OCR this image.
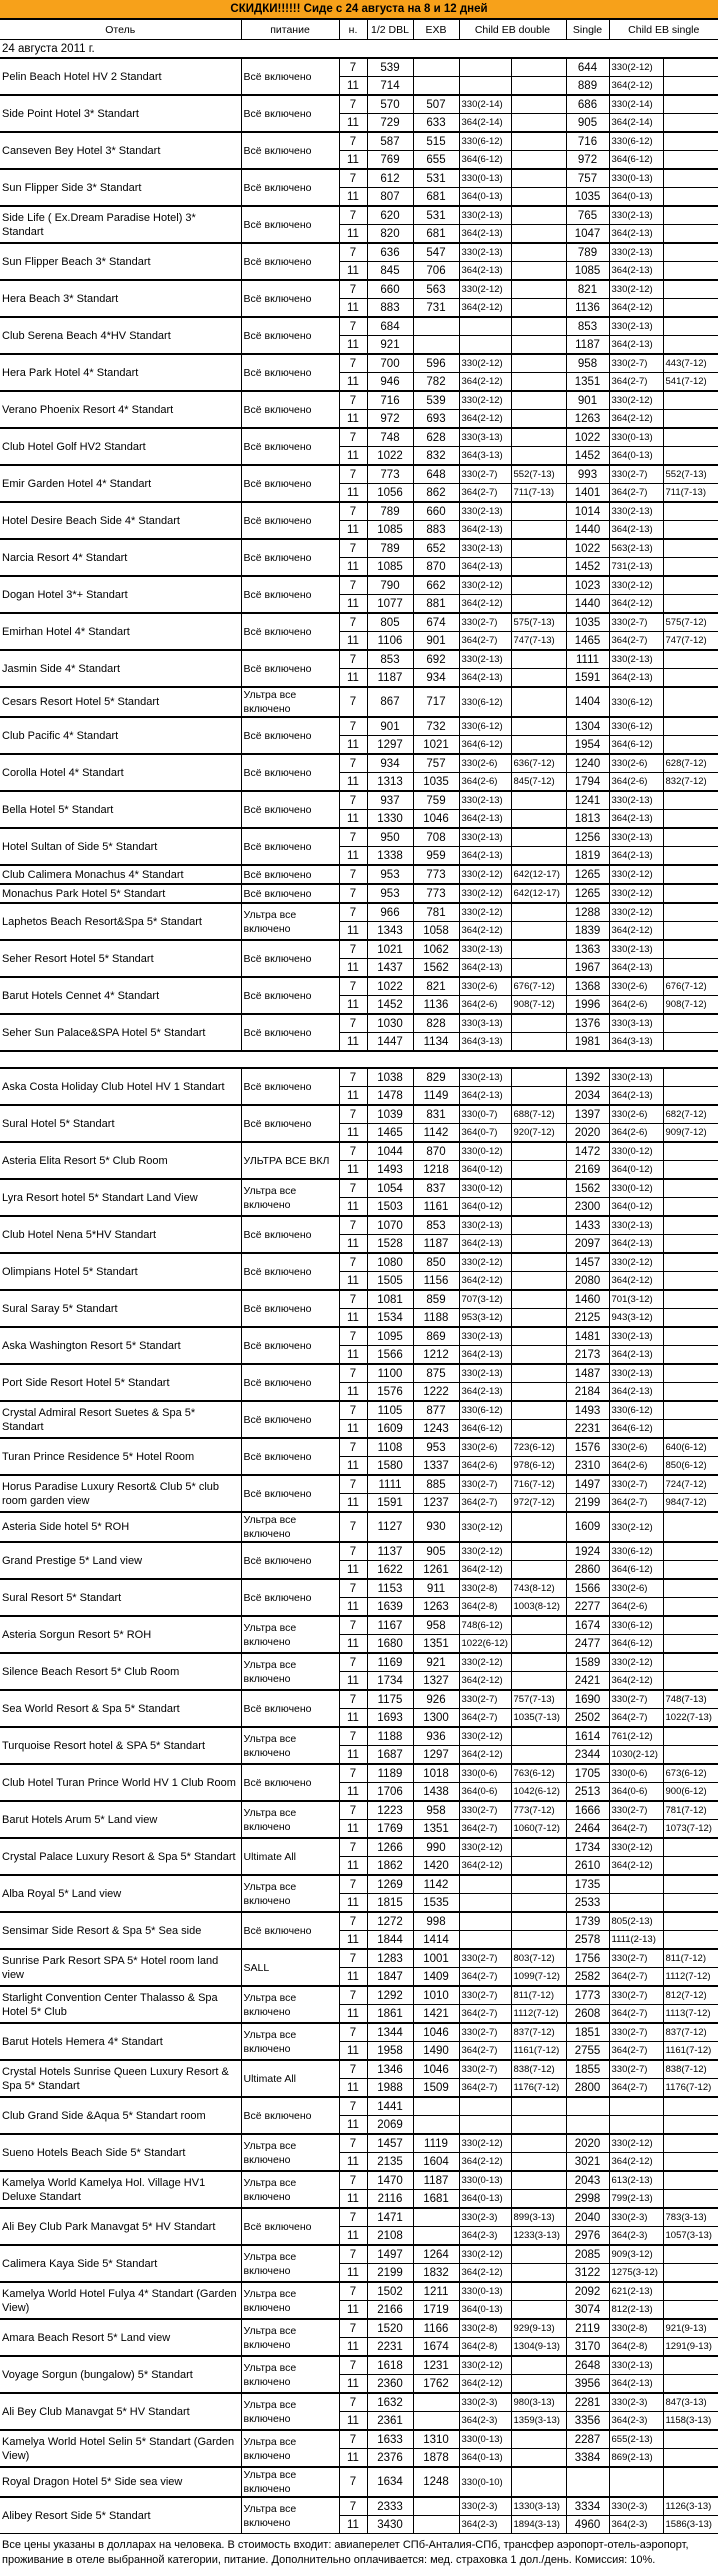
СКИДКИ!!!!!! Сиде с 24 августа на 8 и 12 дней
Отель	питание	н.	1/2 DBL	EXB	Child EB double		Single	Child EB single	
24 августа 2011 г.									
Pelin Beach Hotel HV 2 Standart	Всё включено	7	539				644	330(2-12)	
		11	714				889	364(2-12)	
Side Point Hotel 3* Standart	Всё включено	7	570	507	330(2-14)		686	330(2-14)	
		11	729	633	364(2-14)		905	364(2-14)	
Canseven Bey Hotel 3* Standart	Всё включено	7	587	515	330(6-12)		716	330(6-12)	
		11	769	655	364(6-12)		972	364(6-12)	
Sun Flipper Side 3* Standart	Всё включено	7	612	531	330(0-13)		757	330(0-13)	
		11	807	681	364(0-13)		1035	364(0-13)	
Side Life ( Ex.Dream Paradise Hotel) 3* Standart	Всё включено	7	620	531	330(2-13)		765	330(2-13)	
		11	820	681	364(2-13)		1047	364(2-13)	
Sun Flipper Beach 3* Standart	Всё включено	7	636	547	330(2-13)		789	330(2-13)	
		11	845	706	364(2-13)		1085	364(2-13)	
Hera Beach 3* Standart	Всё включено	7	660	563	330(2-12)		821	330(2-12)	
		11	883	731	364(2-12)		1136	364(2-12)	
Club Serena Beach 4*HV Standart	Всё включено	7	684				853	330(2-13)	
		11	921				1187	364(2-13)	
Hera Park Hotel 4* Standart	Всё включено	7	700	596	330(2-12)		958	330(2-7)	443(7-12)
		11	946	782	364(2-12)		1351	364(2-7)	541(7-12)
Verano Phoenix Resort 4* Standart	Всё включено	7	716	539	330(2-12)		901	330(2-12)	
		11	972	693	364(2-12)		1263	364(2-12)	
Club Hotel Golf HV2 Standart	Всё включено	7	748	628	330(3-13)		1022	330(0-13)	
		11	1022	832	364(3-13)		1452	364(0-13)	
Emir Garden Hotel 4* Standart	Всё включено	7	773	648	330(2-7)	552(7-13)	993	330(2-7)	552(7-13)
		11	1056	862	364(2-7)	711(7-13)	1401	364(2-7)	711(7-13)
Hotel Desire Beach Side 4* Standart	Всё включено	7	789	660	330(2-13)		1014	330(2-13)	
		11	1085	883	364(2-13)		1440	364(2-13)	
Narcia Resort 4* Standart	Всё включено	7	789	652	330(2-13)		1022	563(2-13)	
		11	1085	870	364(2-13)		1452	731(2-13)	
Dogan Hotel 3*+ Standart	Всё включено	7	790	662	330(2-12)		1023	330(2-12)	
		11	1077	881	364(2-12)		1440	364(2-12)	
Emirhan Hotel 4* Standart	Всё включено	7	805	674	330(2-7)	575(7-13)	1035	330(2-7)	575(7-12)
		11	1106	901	364(2-7)	747(7-13)	1465	364(2-7)	747(7-12)
Jasmin Side 4* Standart	Всё включено	7	853	692	330(2-13)		1111	330(2-13)	
		11	1187	934	364(2-13)		1591	364(2-13)	
Cesars Resort Hotel 5* Standart	Ультра все включено	7	867	717	330(6-12)		1404	330(6-12)	
Club Pacific 4* Standart	Всё включено	7	901	732	330(6-12)		1304	330(6-12)	
		11	1297	1021	364(6-12)		1954	364(6-12)	
Corolla Hotel 4* Standart	Всё включено	7	934	757	330(2-6)	636(7-12)	1240	330(2-6)	628(7-12)
		11	1313	1035	364(2-6)	845(7-12)	1794	364(2-6)	832(7-12)
Bella Hotel 5* Standart	Всё включено	7	937	759	330(2-13)		1241	330(2-13)	
		11	1330	1046	364(2-13)		1813	364(2-13)	
Hotel Sultan of Side 5* Standart	Всё включено	7	950	708	330(2-13)		1256	330(2-13)	
		11	1338	959	364(2-13)		1819	364(2-13)	
Club Calimera Monachus 4* Standart	Всё включено	7	953	773	330(2-12)	642(12-17)	1265	330(2-12)	
Monachus Park Hotel 5* Standart	Всё включено	7	953	773	330(2-12)	642(12-17)	1265	330(2-12)	
Laphetos Beach Resort&Spa 5* Standart	Ультра все включено	7	966	781	330(2-12)		1288	330(2-12)	
		11	1343	1058	364(2-12)		1839	364(2-12)	
Seher Resort Hotel 5* Standart	Всё включено	7	1021	1062	330(2-13)		1363	330(2-13)	
		11	1437	1562	364(2-13)		1967	364(2-13)	
Barut Hotels Cennet 4* Standart	Всё включено	7	1022	821	330(2-6)	676(7-12)	1368	330(2-6)	676(7-12)
		11	1452	1136	364(2-6)	908(7-12)	1996	364(2-6)	908(7-12)
Seher Sun Palace&SPA Hotel 5* Standart	Всё включено	7	1030	828	330(3-13)		1376	330(3-13)	
		11	1447	1134	364(3-13)		1981	364(3-13)	

Aska Costa Holiday Club Hotel HV 1 Standart	Всё включено	7	1038	829	330(2-13)		1392	330(2-13)	
		11	1478	1149	364(2-13)		2034	364(2-13)	
Sural Hotel 5* Standart	Всё включено	7	1039	831	330(0-7)	688(7-12)	1397	330(2-6)	682(7-12)
		11	1465	1142	364(0-7)	920(7-12)	2020	364(2-6)	909(7-12)
Asteria Elita Resort 5* Club Room	УЛЬТРА ВСЕ ВКЛ	7	1044	870	330(0-12)		1472	330(0-12)	
		11	1493	1218	364(0-12)		2169	364(0-12)	
Lyra Resort hotel 5* Standart Land View	Ультра все включено	7	1054	837	330(0-12)		1562	330(0-12)	
		11	1503	1161	364(0-12)		2300	364(0-12)	
Club Hotel Nena 5*HV Standart	Всё включено	7	1070	853	330(2-13)		1433	330(2-13)	
		11	1528	1187	364(2-13)		2097	364(2-13)	
Olimpians Hotel 5* Standart	Всё включено	7	1080	850	330(2-12)		1457	330(2-12)	
		11	1505	1156	364(2-12)		2080	364(2-12)	
Sural Saray 5* Standart	Всё включено	7	1081	859	707(3-12)		1460	701(3-12)	
		11	1534	1188	953(3-12)		2125	943(3-12)	
Aska Washington Resort 5* Standart	Всё включено	7	1095	869	330(2-13)		1481	330(2-13)	
		11	1566	1212	364(2-13)		2173	364(2-13)	
Port Side Resort Hotel 5* Standart	Всё включено	7	1100	875	330(2-13)		1487	330(2-13)	
		11	1576	1222	364(2-13)		2184	364(2-13)	
Crystal Admiral Resort Suetes & Spa 5* Standart	Всё включено	7	1105	877	330(6-12)		1493	330(6-12)	
		11	1609	1243	364(6-12)		2231	364(6-12)	
Turan Prince Residence 5* Hotel Room	Всё включено	7	1108	953	330(2-6)	723(6-12)	1576	330(2-6)	640(6-12)
		11	1580	1337	364(2-6)	978(6-12)	2310	364(2-6)	850(6-12)
Horus Paradise Luxury Resort& Club 5* club room garden view	Всё включено	7	1111	885	330(2-7)	716(7-12)	1497	330(2-7)	724(7-12)
		11	1591	1237	364(2-7)	972(7-12)	2199	364(2-7)	984(7-12)
Asteria Side hotel 5* ROH	Ультра все включено	7	1127	930	330(2-12)		1609	330(2-12)	
Grand Prestige 5* Land view	Всё включено	7	1137	905	330(2-12)		1924	330(6-12)	
		11	1622	1261	364(2-12)		2860	364(6-12)	
Sural Resort 5* Standart	Всё включено	7	1153	911	330(2-8)	743(8-12)	1566	330(2-6)	
		11	1639	1263	364(2-8)	1003(8-12)	2277	364(2-6)	
Asteria Sorgun Resort 5* ROH	Ультра все включено	7	1167	958	748(6-12)		1674	330(6-12)	
		11	1680	1351	1022(6-12)		2477	364(6-12)	
Silence Beach Resort 5* Club Room	Ультра все включено	7	1169	921	330(2-12)		1589	330(2-12)	
		11	1734	1327	364(2-12)		2421	364(2-12)	
Sea World Resort & Spa 5* Standart	Всё включено	7	1175	926	330(2-7)	757(7-13)	1690	330(2-7)	748(7-13)
		11	1693	1300	364(2-7)	1035(7-13)	2502	364(2-7)	1022(7-13)
Turquoise Resort hotel & SPA 5* Standart	Ультра все включено	7	1188	936	330(2-12)		1614	761(2-12)	
		11	1687	1297	364(2-12)		2344	1030(2-12)	
Club Hotel Turan Prince World HV 1 Club Room	Всё включено	7	1189	1018	330(0-6)	763(6-12)	1705	330(0-6)	673(6-12)
		11	1706	1438	364(0-6)	1042(6-12)	2513	364(0-6)	900(6-12)
Barut Hotels Arum 5* Land view	Ультра все включено	7	1223	958	330(2-7)	773(7-12)	1666	330(2-7)	781(7-12)
		11	1769	1351	364(2-7)	1060(7-12)	2464	364(2-7)	1073(7-12)
Crystal Palace Luxury Resort & Spa 5* Standart	Ultimate All	7	1266	990	330(2-12)		1734	330(2-12)	
		11	1862	1420	364(2-12)		2610	364(2-12)	
Alba Royal 5* Land view	Ультра все включено	7	1269	1142			1735		
		11	1815	1535			2533		
Sensimar Side Resort & Spa 5* Sea side	Всё включено	7	1272	998			1739	805(2-13)	
		11	1844	1414			2578	1111(2-13)	
Sunrise Park Resort SPA 5* Hotel room land view	SALL	7	1283	1001	330(2-7)	803(7-12)	1756	330(2-7)	811(7-12)
		11	1847	1409	364(2-7)	1099(7-12)	2582	364(2-7)	1112(7-12)
Starlight Convention Center Thalasso & Spa Hotel 5* Club	Ультра все включено	7	1292	1010	330(2-7)	811(7-12)	1773	330(2-7)	812(7-12)
		11	1861	1421	364(2-7)	1112(7-12)	2608	364(2-7)	1113(7-12)
Barut Hotels Hemera 4* Standart	Ультра все включено	7	1344	1046	330(2-7)	837(7-12)	1851	330(2-7)	837(7-12)
		11	1958	1490	364(2-7)	1161(7-12)	2755	364(2-7)	1161(7-12)
Crystal Hotels Sunrise Queen Luxury Resort & Spa 5* Standart	Ultimate All	7	1346	1046	330(2-7)	838(7-12)	1855	330(2-7)	838(7-12)
		11	1988	1509	364(2-7)	1176(7-12)	2800	364(2-7)	1176(7-12)
Club Grand Side &Aqua 5* Standart room	Всё включено	7	1441						
		11	2069						
Sueno Hotels Beach Side 5* Standart	Ультра все включено	7	1457	1119	330(2-12)		2020	330(2-12)	
		11	2135	1604	364(2-12)		3021	364(2-12)	
Kamelya World Kamelya Hol. Village HV1 Deluxe Standart	Ультра все включено	7	1470	1187	330(0-13)		2043	613(2-13)	
		11	2116	1681	364(0-13)		2998	799(2-13)	
Ali Bey Club Park Manavgat 5* HV Standart	Всё включено	7	1471		330(2-3)	899(3-13)	2040	330(2-3)	783(3-13)
		11	2108		364(2-3)	1233(3-13)	2976	364(2-3)	1057(3-13)
Calimera Kaya Side 5* Standart	Ультра все включено	7	1497	1264	330(2-12)		2085	909(3-12)	
		11	2199	1832	364(2-12)		3122	1275(3-12)	
Kamelya World Hotel Fulya 4* Standart (Garden View)	Ультра все включено	7	1502	1211	330(0-13)		2092	621(2-13)	
		11	2166	1719	364(0-13)		3074	812(2-13)	
Amara Beach Resort 5* Land view	Ультра все включено	7	1520	1166	330(2-8)	929(9-13)	2119	330(2-8)	921(9-13)
		11	2231	1674	364(2-8)	1304(9-13)	3170	364(2-8)	1291(9-13)
Voyage Sorgun (bungalow) 5* Standart	Ультра все включено	7	1618	1231	330(2-12)		2648	330(2-13)	
		11	2360	1762	364(2-12)		3956	364(2-13)	
Ali Bey Club Manavgat 5* HV Standart	Ультра все включено	7	1632		330(2-3)	980(3-13)	2281	330(2-3)	847(3-13)
		11	2361		364(2-3)	1359(3-13)	3356	364(2-3)	1158(3-13)
Kamelya World Hotel Selin 5* Standart (Garden View)	Ультра все включено	7	1633	1310	330(0-13)		2287	655(2-13)	
		11	2376	1878	364(0-13)		3384	869(2-13)	
Royal Dragon Hotel 5* Side sea view	Ультра все включено	7	1634	1248	330(0-10)				
Alibey Resort Side 5* Standart	Ультра все включено	7	2333		330(2-3)	1330(3-13)	3334	330(2-3)	1126(3-13)
		11	3430		364(2-3)	1894(3-13)	4960	364(2-3)	1586(3-13)
Все цены указаны в долларах на человека. В стоимость входит: авиаперелет СПб-Анталия-СПб, трансфер аэропорт-отель-аэропорт, проживание в отеле выбранной категории, питание. Дополнительно оплачивается: мед. страховка 1 дол./день. Комиссия: 10%.
